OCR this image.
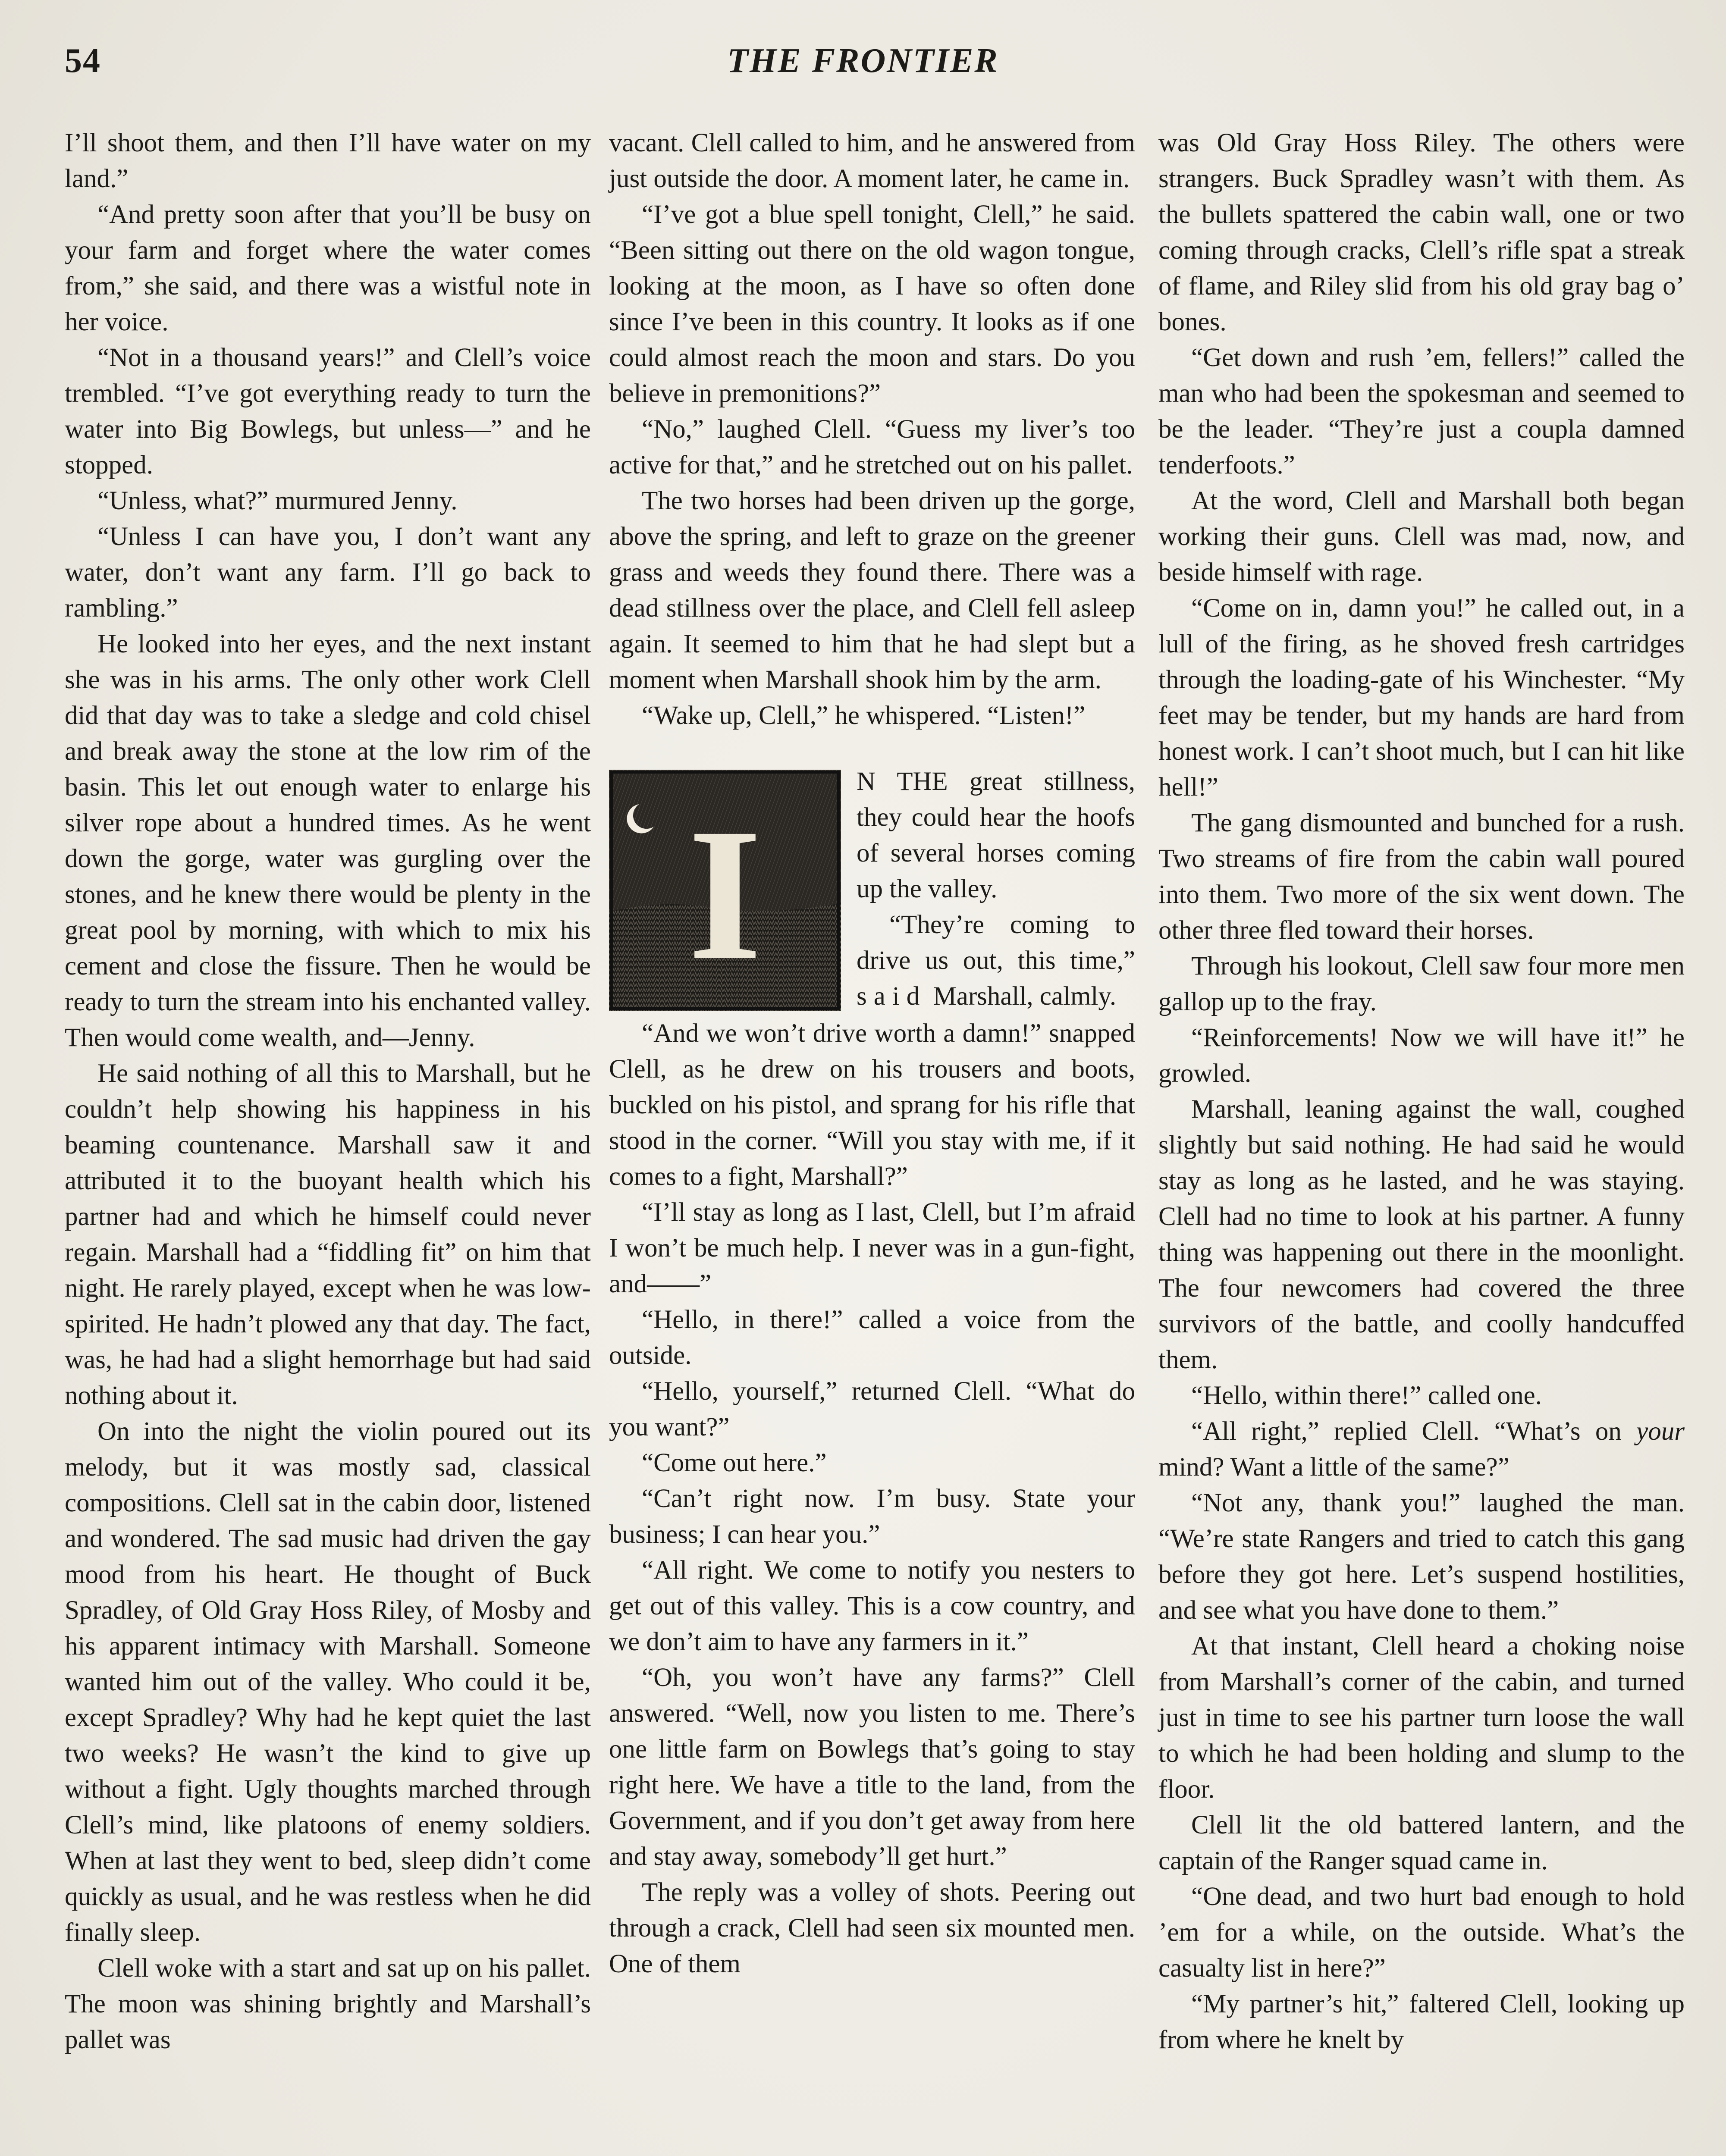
54	THE FRONTIER

I’ll shoot them, and then I’ll have water on my land.”

“And pretty soon after that you’ll be busy on your farm and forget where the water comes from,” she said, and there was a wistful note in her voice.

“Not in a thousand years!” and Clell’s voice trembled. “I’ve got everything ready to turn the water into Big Bowlegs, but unless—” and he stopped.

“Unless, what?” murmured Jenny.

“Unless I can have you, I don’t want any water, don’t want any farm. I’ll go back to rambling.”

He looked into her eyes, and the next instant she was in his arms. The only other work Clell did that day was to take a sledge and cold chisel and break away the stone at the low rim of the basin. This let out enough water to enlarge his silver rope about a hundred times. As he went down the gorge, water was gurgling over the stones, and he knew there would be plenty in the great pool by morning, with which to mix his cement and close the fissure. Then he would be ready to turn the stream into his enchanted valley. Then would come wealth, and—Jenny.

He said nothing of all this to Marshall, but he couldn’t help showing his happiness in his beaming countenance. Marshall saw it and attributed it to the buoyant health which his partner had and which he himself could never regain. Marshall had a “fiddling fit” on him that night. He rarely played, except when he was low-spirited. He hadn’t plowed any that day. The fact, was, he had had a slight hemorrhage but had said nothing about it.

On into the night the violin poured out its melody, but it was mostly sad, classical compositions. Clell sat in the cabin door, listened and wondered. The sad music had driven the gay mood from his heart. He thought of Buck Spradley, of Old Gray Hoss Riley, of Mosby and his apparent intimacy with Marshall. Someone wanted him out of the valley. Who could it be, except Spradley? Why had he kept quiet the last two weeks? He wasn’t the kind to give up without a fight. Ugly thoughts marched through Clell’s mind, like platoons of enemy soldiers. When at last they went to bed, sleep didn’t come quickly as usual, and he was restless when he did finally sleep.

Clell woke with a start and sat up on his pallet. The moon was shining brightly and Marshall’s pallet was

vacant. Clell called to him, and he answered from just outside the door. A moment later, he came in.

“I’ve got a blue spell tonight, Clell,” he said. “Been sitting out there on the old wagon tongue, looking at the moon, as I have so often done since I’ve been in this country. It looks as if one could almost reach the moon and stars. Do you believe in premonitions?”

“No,” laughed Clell. “Guess my liver’s too active for that,” and he stretched out on his pallet.

The two horses had been driven up the gorge, above the spring, and left to graze on the greener grass and weeds they found there. There was a dead stillness over the place, and Clell fell asleep again. It seemed to him that he had slept but a moment when Marshall shook him by the arm.

“Wake up, Clell,” he whispered. “Listen!”

I

N THE great stillness, they could hear the hoofs of several horses coming up the valley.

“They’re coming to drive us out, this time,” said Marshall, calmly.

“And we won’t drive worth a damn!” snapped Clell, as he drew on his trousers and boots, buckled on his pistol, and sprang for his rifle that stood in the corner. “Will you stay with me, if it comes to a fight, Marshall?”

“I’ll stay as long as I last, Clell, but I’m afraid I won’t be much help. I never was in a gun-fight, and——”

“Hello, in there!” called a voice from the outside.

“Hello, yourself,” returned Clell. “What do you want?”

“Come out here.”

“Can’t right now. I’m busy. State your business; I can hear you.”

“All right. We come to notify you nesters to get out of this valley. This is a cow country, and we don’t aim to have any farmers in it.”

“Oh, you won’t have any farms?” Clell answered. “Well, now you listen to me. There’s one little farm on Bowlegs that’s going to stay right here. We have a title to the land, from the Government, and if you don’t get away from here and stay away, somebody’ll get hurt.”

The reply was a volley of shots. Peering out through a crack, Clell had seen six mounted men. One of them

was Old Gray Hoss Riley. The others were strangers. Buck Spradley wasn’t with them. As the bullets spattered the cabin wall, one or two coming through cracks, Clell’s rifle spat a streak of flame, and Riley slid from his old gray bag o’ bones.

“Get down and rush ’em, fellers!” called the man who had been the spokesman and seemed to be the leader. “They’re just a coupla damned tenderfoots.”

At the word, Clell and Marshall both began working their guns. Clell was mad, now, and beside himself with rage.

“Come on in, damn you!” he called out, in a lull of the firing, as he shoved fresh cartridges through the loading-gate of his Winchester. “My feet may be tender, but my hands are hard from honest work. I can’t shoot much, but I can hit like hell!”

The gang dismounted and bunched for a rush. Two streams of fire from the cabin wall poured into them. Two more of the six went down. The other three fled toward their horses.

Through his lookout, Clell saw four more men gallop up to the fray.

“Reinforcements! Now we will have it!” he growled.

Marshall, leaning against the wall, coughed slightly but said nothing. He had said he would stay as long as he lasted, and he was staying. Clell had no time to look at his partner. A funny thing was happening out there in the moonlight. The four newcomers had covered the three survivors of the battle, and coolly handcuffed them.

“Hello, within there!” called one.

“All right,” replied Clell. “What’s on your mind? Want a little of the same?”

“Not any, thank you!” laughed the man. “We’re state Rangers and tried to catch this gang before they got here. Let’s suspend hostilities, and see what you have done to them.”

At that instant, Clell heard a choking noise from Marshall’s corner of the cabin, and turned just in time to see his partner turn loose the wall to which he had been holding and slump to the floor.

Clell lit the old battered lantern, and the captain of the Ranger squad came in.

“One dead, and two hurt bad enough to hold ’em for a while, on the outside. What’s the casualty list in here?”

“My partner’s hit,” faltered Clell, looking up from where he knelt by
